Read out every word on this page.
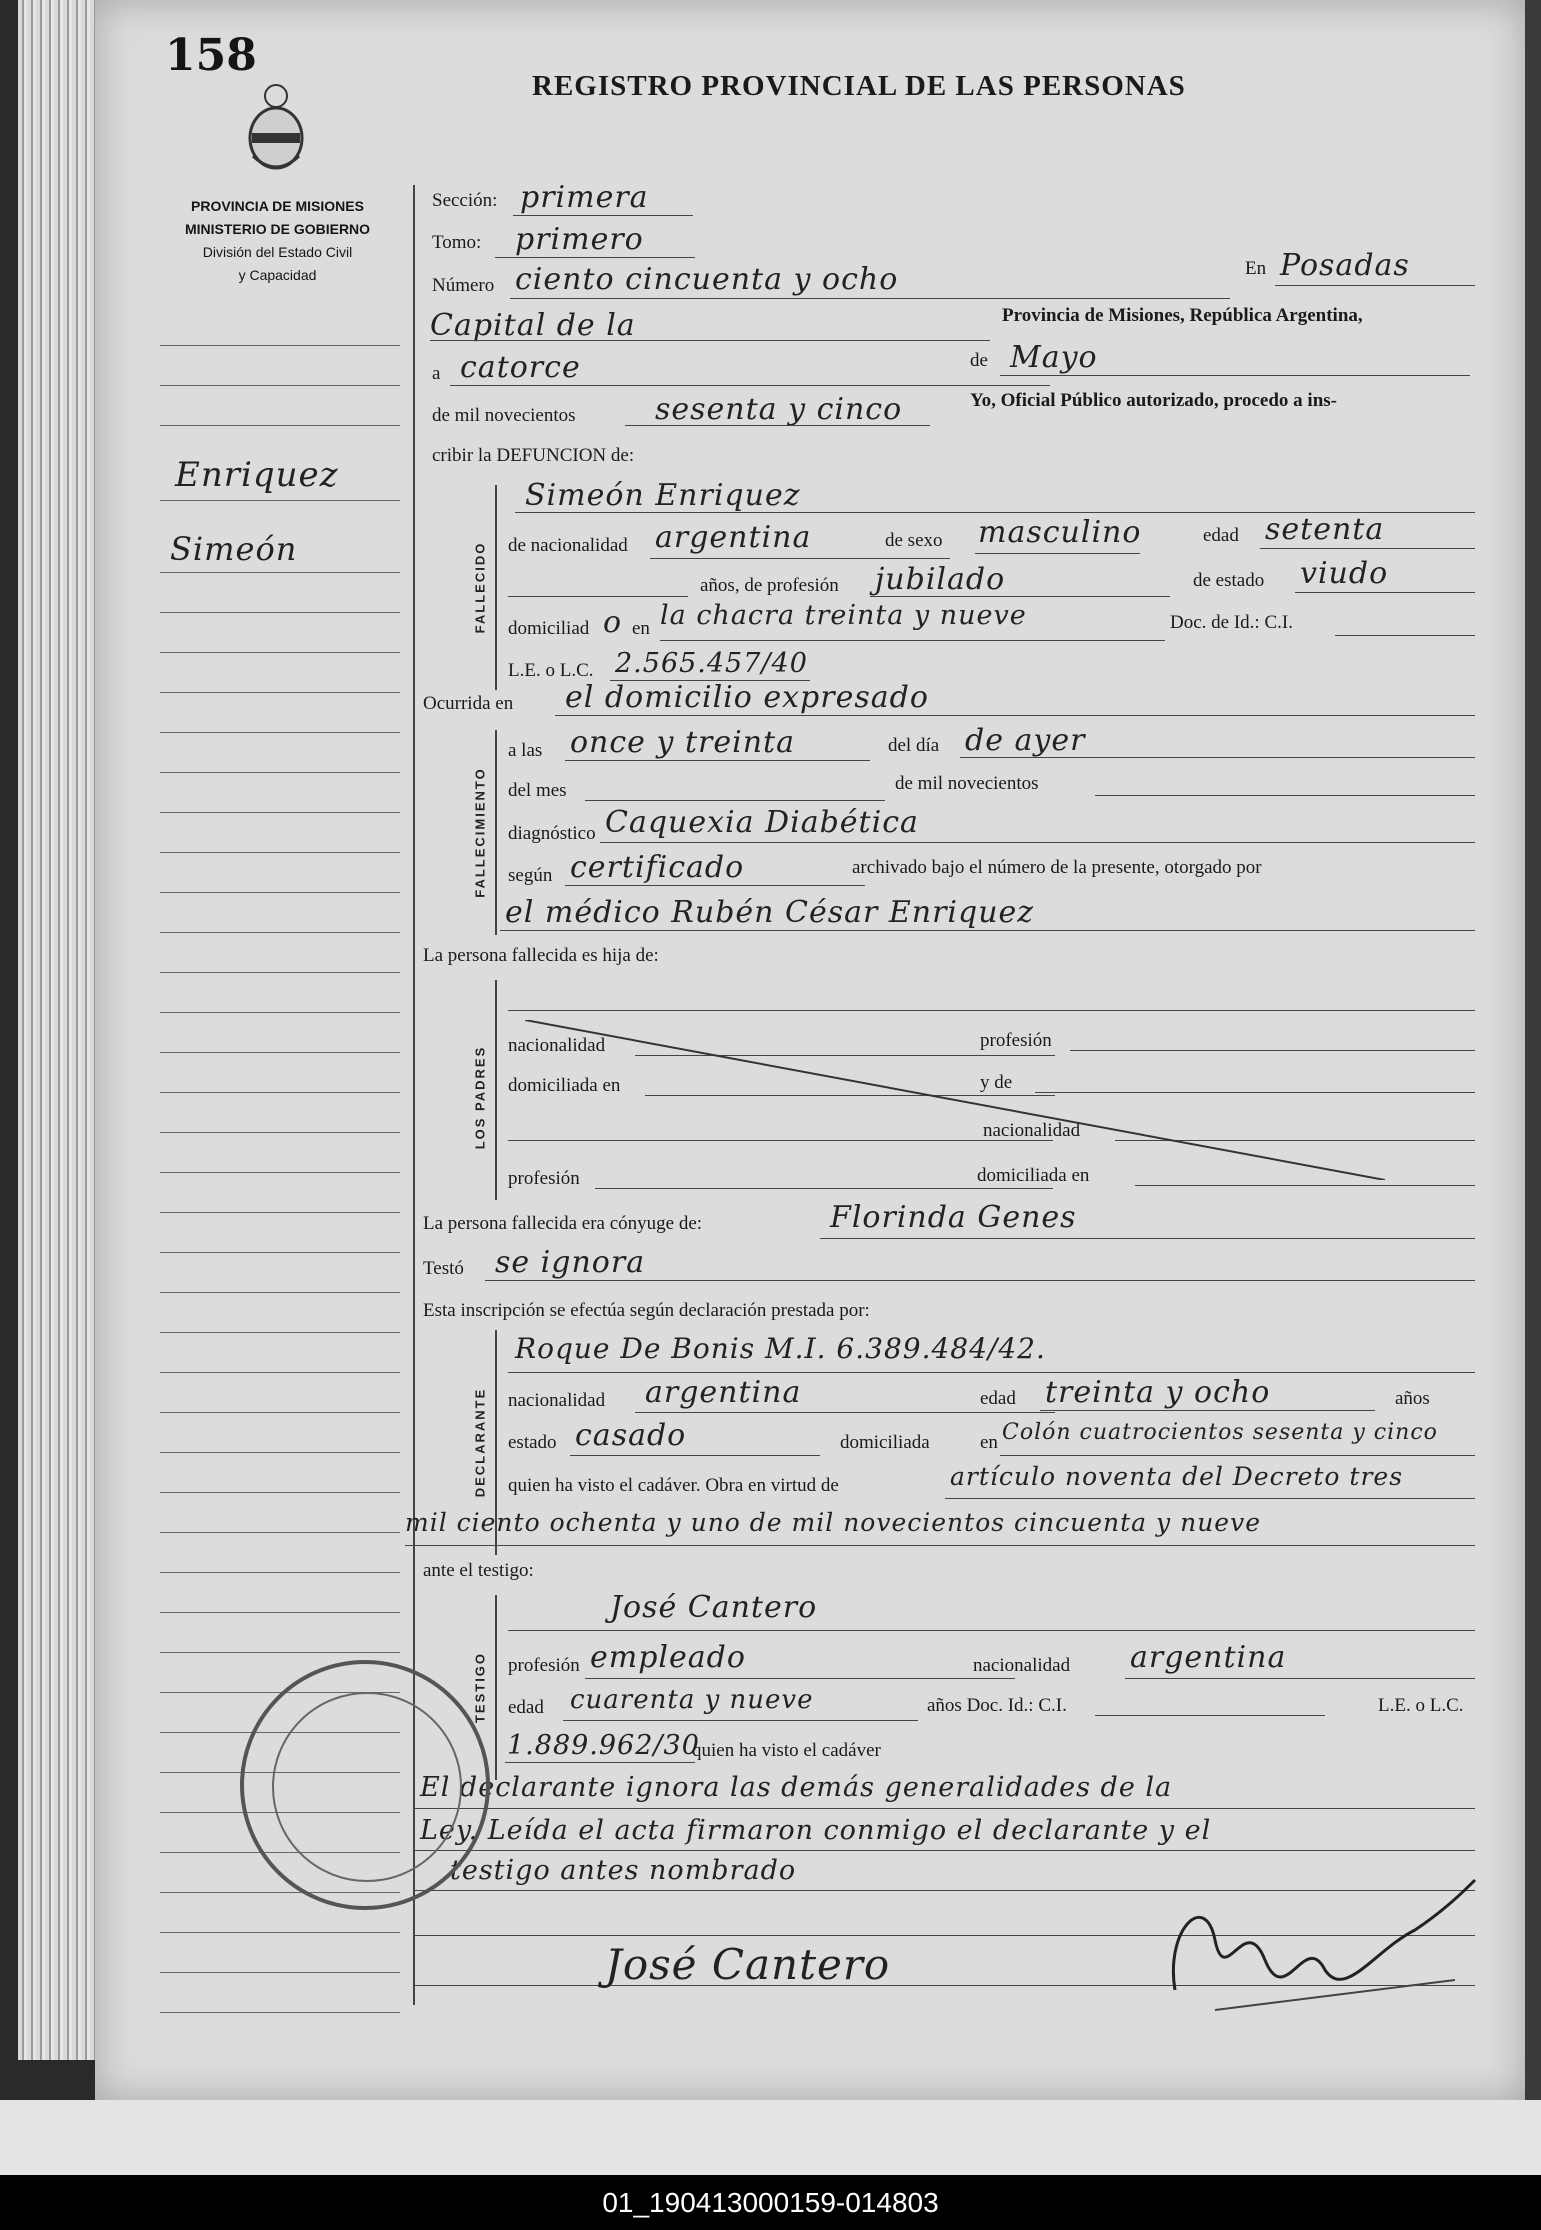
158
REGISTRO PROVINCIAL DE LAS PERSONAS
PROVINCIA DE MISIONES
MINISTERIO DE GOBIERNO
División del Estado Civil
y Capacidad
Enriquez
Simeón
Sección: primera
Tomo: primero
Número ciento cincuenta y ocho	En Posadas
Capital de la	Provincia de Misiones, República Argentina,
a catorce	de Mayo
de mil novecientos	sesenta y cinco	Yo, Oficial Público autorizado, procedo a ins-
cribir la DEFUNCION de:
FALLECIDO
Simeón Enriquez
de nacionalidad argentina	de sexo masculino	edad setenta
años, de profesión jubilado	de estado viudo
domiciliad o en la chacra treinta y nueve	Doc. de Id.: C.I.
L.E. o L.C. 2.565.457/40
Ocurrida en el domicilio expresado
FALLECIMIENTO
a las once y treinta	del día de ayer
del mes	de mil novecientos
diagnóstico Caquexia Diabética
según certificado	archivado bajo el número de la presente, otorgado por
el médico Rubén César Enriquez
La persona fallecida es hija de:
LOS PADRES
nacionalidad	profesión
domiciliada en	y de
nacionalidad
profesión	domiciliada en
La persona fallecida era cónyuge de:	Florinda Genes
Testó se ignora
Esta inscripción se efectúa según declaración prestada por:
DECLARANTE
Roque De Bonis M.I. 6.389.484/42.
nacionalidad argentina	edad treinta y ocho	años
estado casado	domiciliada	en Colón cuatrocientos sesenta y cinco
quien ha visto el cadáver. Obra en virtud de	artículo noventa del Decreto tres
mil ciento ochenta y uno de mil novecientos cincuenta y nueve
ante el testigo:
TESTIGO
José Cantero
profesión empleado	nacionalidad argentina
edad cuarenta y nueve	años Doc. Id.: C.I.	L.E. o L.C.
1.889.962/30
quien ha visto el cadáver
El declarante ignora las demás generalidades de la
Ley. Leída el acta firmaron conmigo el declarante y el
testigo antes nombrado
José Cantero
01_190413000159-014803
